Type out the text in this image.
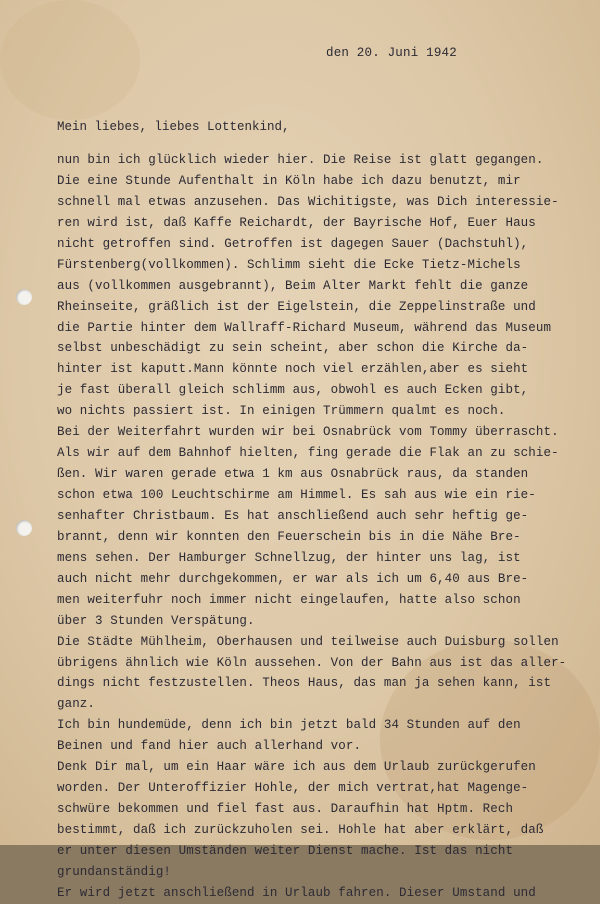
den 20. Juni 1942
Mein liebes, liebes Lottenkind,
nun bin ich glücklich wieder hier. Die Reise ist glatt gegangen.
Die eine Stunde Aufenthalt in Köln habe ich dazu benutzt, mir
schnell mal etwas anzusehen. Das Wichitigste, was Dich interessie-
ren wird ist, daß Kaffe Reichardt, der Bayrische Hof, Euer Haus
nicht getroffen sind. Getroffen ist dagegen Sauer (Dachstuhl),
Fürstenberg(vollkommen). Schlimm sieht die Ecke Tietz-Michels
aus (vollkommen ausgebrannt), Beim Alter Markt fehlt die ganze
Rheinseite, gräßlich ist der Eigelstein, die Zeppelinstraße und
die Partie hinter dem Wallraff-Richard Museum, während das Museum
selbst unbeschädigt zu sein scheint, aber schon die Kirche da-
hinter ist kaputt.Mann könnte noch viel erzählen,aber es sieht
je fast überall gleich schlimm aus, obwohl es auch Ecken gibt,
wo nichts passiert ist. In einigen Trümmern qualmt es noch.
Bei der Weiterfahrt wurden wir bei Osnabrück vom Tommy überrascht.
Als wir auf dem Bahnhof hielten, fing gerade die Flak an zu schie-
ßen. Wir waren gerade etwa 1 km aus Osnabrück raus, da standen
schon etwa 100 Leuchtschirme am Himmel. Es sah aus wie ein rie-
senhafter Christbaum. Es hat anschließend auch sehr heftig ge-
brannt, denn wir konnten den Feuerschein bis in die Nähe Bre-
mens sehen. Der Hamburger Schnellzug, der hinter uns lag, ist
auch nicht mehr durchgekommen, er war als ich um 6,40 aus Bre-
men weiterfuhr noch immer nicht eingelaufen, hatte also schon
über 3 Stunden Verspätung.
Die Städte Mühlheim, Oberhausen und teilweise auch Duisburg sollen
übrigens ähnlich wie Köln aussehen. Von der Bahn aus ist das aller-
dings nicht festzustellen. Theos Haus, das man ja sehen kann, ist
ganz.
Ich bin hundemüde, denn ich bin jetzt bald 34 Stunden auf den
Beinen und fand hier auch allerhand vor.
Denk Dir mal, um ein Haar wäre ich aus dem Urlaub zurückgerufen
worden. Der Unteroffizier Hohle, der mich vertrat,hat Magenge-
schwüre bekommen und fiel fast aus. Daraufhin hat Hptm. Rech
bestimmt, daß ich zurückzuholen sei. Hohle hat aber erklärt, daß
er unter diesen Umständen weiter Dienst mache. Ist das nicht
grundanständig!
Er wird jetzt anschließend in Urlaub fahren. Dieser Umstand und
